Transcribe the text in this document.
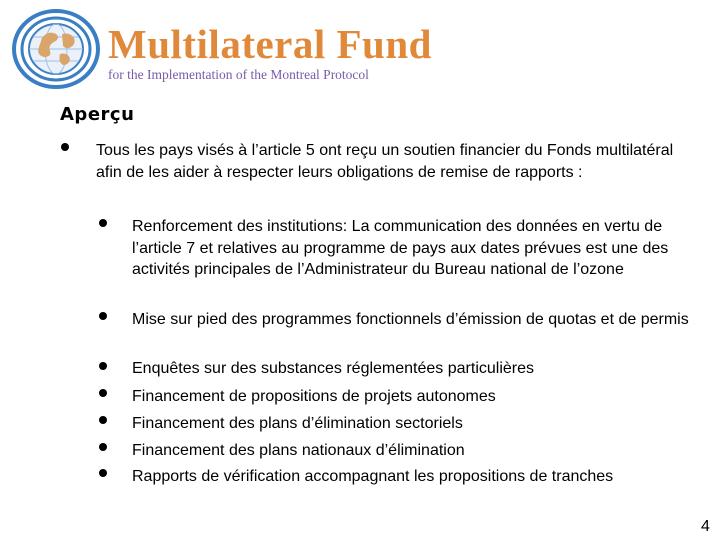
Multilateral Fund
for the Implementation of the Montreal Protocol
Aperçu
Tous les pays visés à l’article 5 ont reçu un soutien financier du Fonds multilatéral afin de les aider à respecter leurs obligations de remise de rapports :
Renforcement des institutions: La communication des données en vertu de l’article 7 et relatives au programme de pays aux dates prévues est une des activités principales de l’Administrateur du Bureau national de l’ozone
Mise sur pied des programmes fonctionnels d’émission de quotas et de permis
Enquêtes sur des substances réglementées particulières
Financement de propositions de projets autonomes
Financement des plans d’élimination sectoriels
Financement des plans nationaux d’élimination
Rapports de vérification accompagnant les propositions de tranches
4
